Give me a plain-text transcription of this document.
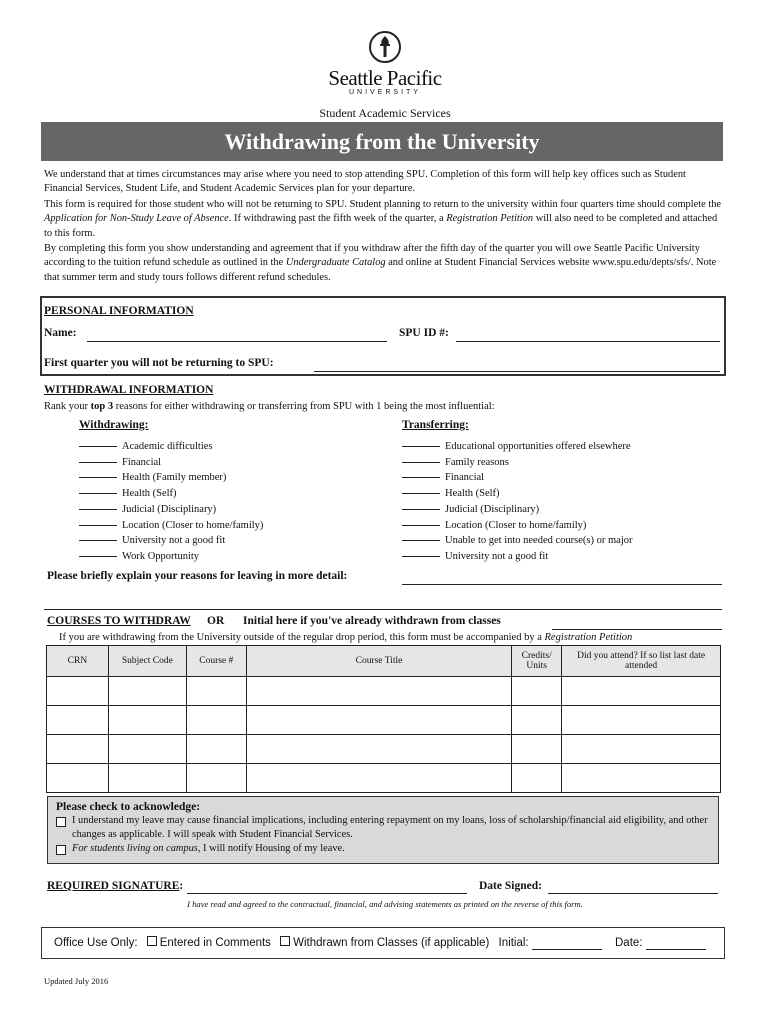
Seattle Pacific
UNIVERSITY
Student Academic Services
Withdrawing from the University

We understand that at times circumstances may arise where you need to stop attending SPU. Completion of this form will help key offices such as Student Financial Services, Student Life, and Student Academic Services plan for your departure.

This form is required for those student who will not be returning to SPU. Student planning to return to the university within four quarters time should complete the Application for Non-Study Leave of Absence. If withdrawing past the fifth week of the quarter, a Registration Petition will also need to be completed and attached to this form.

By completing this form you show understanding and agreement that if you withdraw after the fifth day of the quarter you will owe Seattle Pacific University according to the tuition refund schedule as outlined in the Undergraduate Catalog and online at Student Financial Services website www.spu.edu/depts/sfs/. Note that summer term and study tours follows different refund schedules.

PERSONAL INFORMATION
Name:	SPU ID #:
First quarter you will not be returning to SPU:
WITHDRAWAL INFORMATION
Rank your top 3 reasons for either withdrawing or transferring from SPU with 1 being the most influential:
Withdrawing:	Transferring:
Academic difficulties
Financial
Health (Family member)
Health (Self)
Judicial (Disciplinary)
Location (Closer to home/family)
University not a good fit
Work Opportunity
Educational opportunities offered elsewhere
Family reasons
Financial
Health (Self)
Judicial (Disciplinary)
Location (Closer to home/family)
Unable to get into needed course(s) or major
University not a good fit
Please briefly explain your reasons for leaving in more detail:
COURSES TO WITHDRAW OR Initial here if you've already withdrawn from classes
If you are withdrawing from the University outside of the regular drop period, this form must be accompanied by a Registration Petition
CRN	Subject Code	Course #	Course Title	Credits/ Units	Did you attend? If so list last date attended

Please check to acknowledge:
I understand my leave may cause financial implications, including entering repayment on my loans, loss of scholarship/financial aid eligibility, and other changes as applicable. I will speak with Student Financial Services.
For students living on campus, I will notify Housing of my leave.
REQUIRED SIGNATURE:	Date Signed:
I have read and agreed to the contractual, financial, and advising statements as printed on the reverse of this form.
Office Use Only: Entered in Comments Withdrawn from Classes (if applicable) Initial:	Date:
Updated July 2016
